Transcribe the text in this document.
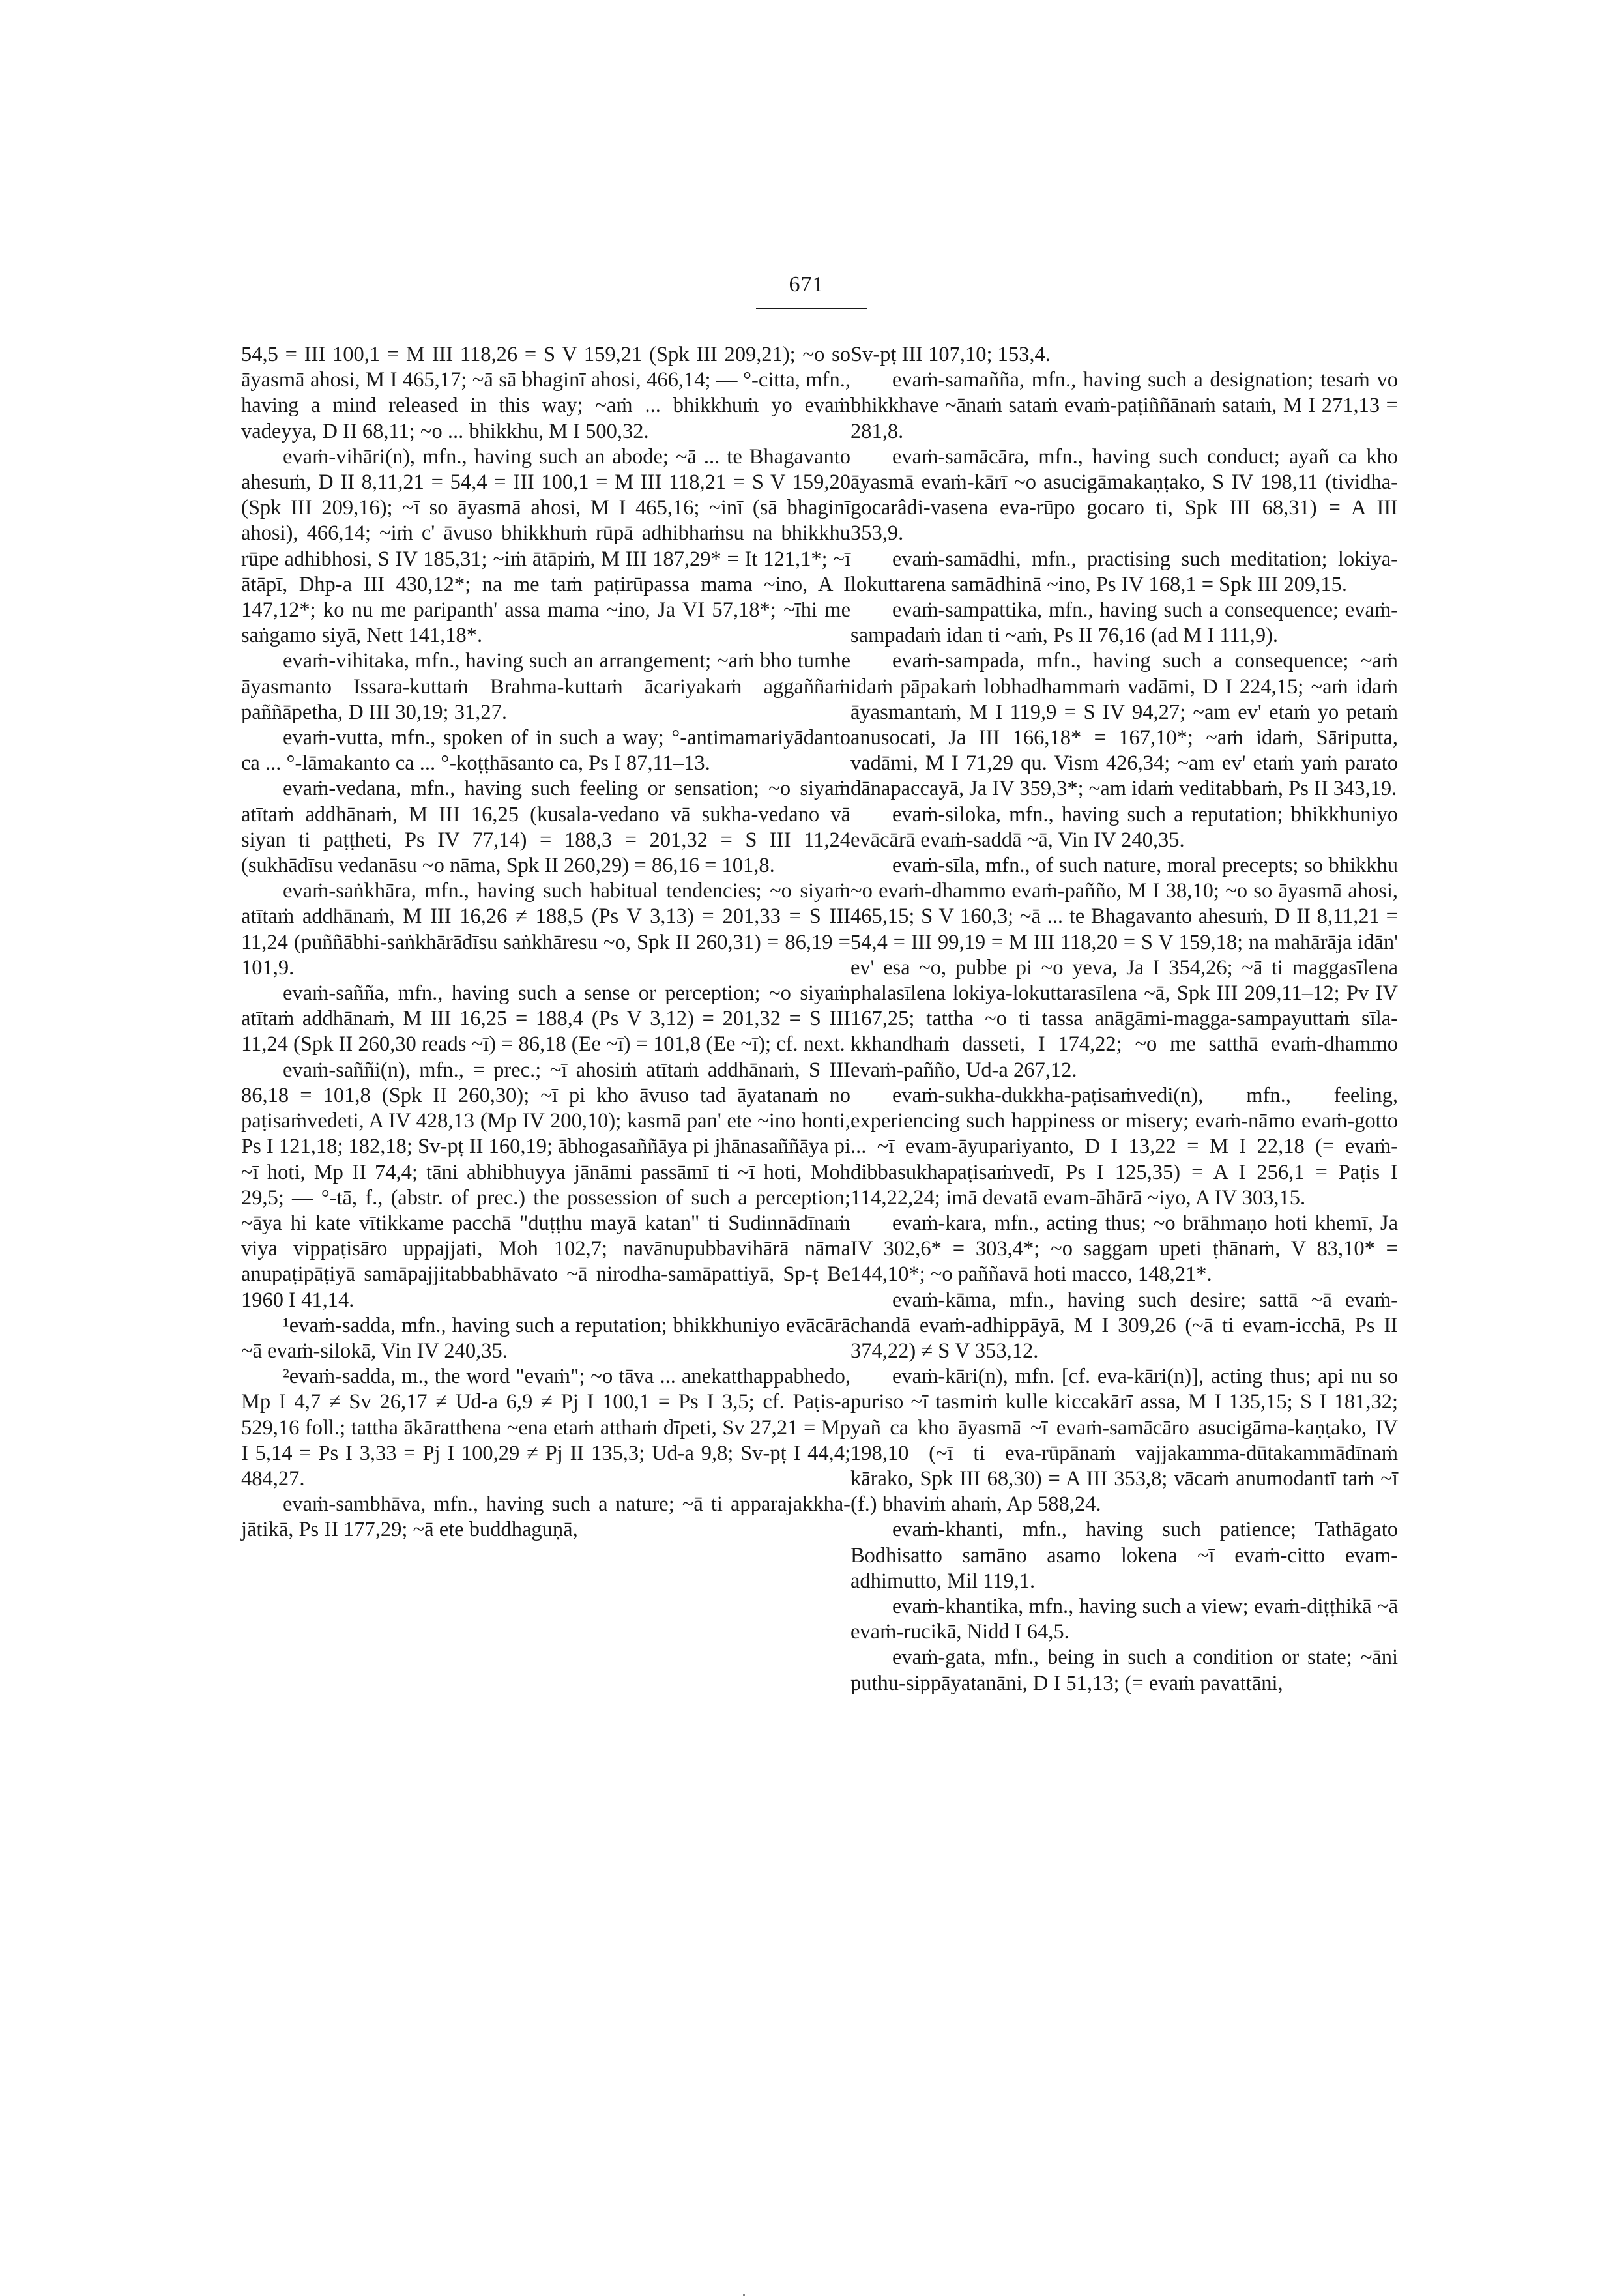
671

54,5 = III 100,1 = M III 118,26 = S V 159,21 (Spk III 209,21); ~o so āyasmā ahosi, M I 465,17; ~ā sā bhaginī ahosi, 466,14; — °-citta, mfn., having a mind released in this way; ~aṁ ... bhikkhuṁ yo evaṁ vadeyya, D II 68,11; ~o ... bhikkhu, M I 500,32.

evaṁ-vihāri(n), mfn., having such an abode; ~ā ... te Bhagavanto ahesuṁ, D II 8,11,21 = 54,4 = III 100,1 = M III 118,21 = S V 159,20 (Spk III 209,16); ~ī so āyasmā ahosi, M I 465,16; ~inī (sā bhaginī ahosi), 466,14; ~iṁ c' āvuso bhikkhuṁ rūpā adhibhaṁsu na bhikkhu rūpe adhibhosi, S IV 185,31; ~iṁ ātāpiṁ, M III 187,29* = It 121,1*; ~ī ātāpī, Dhp-a III 430,12*; na me taṁ paṭirūpassa mama ~ino, A I 147,12*; ko nu me paripanth' assa mama ~ino, Ja VI 57,18*; ~īhi me saṅgamo siyā, Nett 141,18*.

evaṁ-vihitaka, mfn., having such an arrangement; ~aṁ bho tumhe āyasmanto Issara-kuttaṁ Brahma-kuttaṁ ācariyakaṁ aggaññaṁ paññāpetha, D III 30,19; 31,27.

evaṁ-vutta, mfn., spoken of in such a way; °-antimamariyādanto ca ... °-lāmakanto ca ... °-koṭṭhāsanto ca, Ps I 87,11–13.

evaṁ-vedana, mfn., having such feeling or sensation; ~o siyaṁ atītaṁ addhānaṁ, M III 16,25 (kusala-vedano vā sukha-vedano vā siyan ti paṭṭheti, Ps IV 77,14) = 188,3 = 201,32 = S III 11,24 (sukhādīsu vedanāsu ~o nāma, Spk II 260,29) = 86,16 = 101,8.

evaṁ-saṅkhāra, mfn., having such habitual tendencies; ~o siyaṁ atītaṁ addhānaṁ, M III 16,26 ≠ 188,5 (Ps V 3,13) = 201,33 = S III 11,24 (puññābhi-saṅkhārādīsu saṅkhāresu ~o, Spk II 260,31) = 86,19 = 101,9.

evaṁ-sañña, mfn., having such a sense or perception; ~o siyaṁ atītaṁ addhānaṁ, M III 16,25 = 188,4 (Ps V 3,12) = 201,32 = S III 11,24 (Spk II 260,30 reads ~ī) = 86,18 (Ee ~ī) = 101,8 (Ee ~ī); cf. next.

evaṁ-saññi(n), mfn., = prec.; ~ī ahosiṁ atītaṁ addhānaṁ, S III 86,18 = 101,8 (Spk II 260,30); ~ī pi kho āvuso tad āyatanaṁ no paṭisaṁvedeti, A IV 428,13 (Mp IV 200,10); kasmā pan' ete ~ino honti, Ps I 121,18; 182,18; Sv-pṭ II 160,19; ābhogasaññāya pi jhānasaññāya pi ~ī hoti, Mp II 74,4; tāni abhibhuyya jānāmi passāmī ti ~ī hoti, Moh 29,5; — °-tā, f., (abstr. of prec.) the possession of such a perception; ~āya hi kate vītikkame pacchā "duṭṭhu mayā katan" ti Sudinnādīnaṁ viya vippaṭisāro uppajjati, Moh 102,7; navānupubbavihārā nāma anupaṭipāṭiyā samāpajjitabbabhāvato ~ā nirodha-samāpattiyā, Sp-ṭ Be 1960 I 41,14.

¹evaṁ-sadda, mfn., having such a reputation; bhikkhuniyo evācārā ~ā evaṁ-silokā, Vin IV 240,35.

²evaṁ-sadda, m., the word "evaṁ"; ~o tāva ... anekatthappabhedo, Mp I 4,7 ≠ Sv 26,17 ≠ Ud-a 6,9 ≠ Pj I 100,1 = Ps I 3,5; cf. Paṭis-a 529,16 foll.; tattha ākāratthena ~ena etaṁ atthaṁ dīpeti, Sv 27,21 = Mp I 5,14 = Ps I 3,33 = Pj I 100,29 ≠ Pj II 135,3; Ud-a 9,8; Sv-pṭ I 44,4; 484,27.

evaṁ-sambhāva, mfn., having such a nature; ~ā ti apparajakkha-jātikā, Ps II 177,29; ~ā ete buddhaguṇā,

Sv-pṭ III 107,10; 153,4.

evaṁ-samañña, mfn., having such a designation; tesaṁ vo bhikkhave ~ānaṁ sataṁ evaṁ-paṭiññānaṁ sataṁ, M I 271,13 = 281,8.

evaṁ-samācāra, mfn., having such conduct; ayañ ca kho āyasmā evaṁ-kārī ~o asucigāmakaṇṭako, S IV 198,11 (tividha-gocarâdi-vasena eva-rūpo gocaro ti, Spk III 68,31) = A III 353,9.

evaṁ-samādhi, mfn., practising such meditation; lokiya-lokuttarena samādhinā ~ino, Ps IV 168,1 = Spk III 209,15.

evaṁ-sampattika, mfn., having such a consequence; evaṁ-sampadaṁ idan ti ~aṁ, Ps II 76,16 (ad M I 111,9).

evaṁ-sampada, mfn., having such a consequence; ~aṁ idaṁ pāpakaṁ lobhadhammaṁ vadāmi, D I 224,15; ~aṁ idaṁ āyasmantaṁ, M I 119,9 = S IV 94,27; ~am ev' etaṁ yo petaṁ anusocati, Ja III 166,18* = 167,10*; ~aṁ idaṁ, Sāriputta, vadāmi, M I 71,29 qu. Vism 426,34; ~am ev' etaṁ yaṁ parato dānapaccayā, Ja IV 359,3*; ~am idaṁ veditabbaṁ, Ps II 343,19.

evaṁ-siloka, mfn., having such a reputation; bhikkhuniyo evācārā evaṁ-saddā ~ā, Vin IV 240,35.

evaṁ-sīla, mfn., of such nature, moral precepts; so bhikkhu ~o evaṁ-dhammo evaṁ-pañño, M I 38,10; ~o so āyasmā ahosi, 465,15; S V 160,3; ~ā ... te Bhagavanto ahesuṁ, D II 8,11,21 = 54,4 = III 99,19 = M III 118,20 = S V 159,18; na mahārāja idān' ev' esa ~o, pubbe pi ~o yeva, Ja I 354,26; ~ā ti maggasīlena phalasīlena lokiya-lokuttarasīlena ~ā, Spk III 209,11–12; Pv IV 167,25; tattha ~o ti tassa anāgāmi-magga-sampayuttaṁ sīla-kkhandhaṁ dasseti, I 174,22; ~o me satthā evaṁ-dhammo evaṁ-pañño, Ud-a 267,12.

evaṁ-sukha-dukkha-paṭisaṁvedi(n), mfn., feeling, experiencing such happiness or misery; evaṁ-nāmo evaṁ-gotto ... ~ī evam-āyupariyanto, D I 13,22 = M I 22,18 (= evaṁ-dibbasukhapaṭisaṁvedī, Ps I 125,35) = A I 256,1 = Paṭis I 114,22,24; imā devatā evam-āhārā ~iyo, A IV 303,15.

evaṁ-kara, mfn., acting thus; ~o brāhmaṇo hoti khemī, Ja IV 302,6* = 303,4*; ~o saggam upeti ṭhānaṁ, V 83,10* = 144,10*; ~o paññavā hoti macco, 148,21*.

evaṁ-kāma, mfn., having such desire; sattā ~ā evaṁ-chandā evaṁ-adhippāyā, M I 309,26 (~ā ti evam-icchā, Ps II 374,22) ≠ S V 353,12.

evaṁ-kāri(n), mfn. [cf. eva-kāri(n)], acting thus; api nu so puriso ~ī tasmiṁ kulle kiccakārī assa, M I 135,15; S I 181,32; yañ ca kho āyasmā ~ī evaṁ-samācāro asucigāma-kaṇṭako, IV 198,10 (~ī ti eva-rūpānaṁ vajjakamma-dūtakammādīnaṁ kārako, Spk III 68,30) = A III 353,8; vācaṁ anumodantī taṁ ~ī (f.) bhaviṁ ahaṁ, Ap 588,24.

evaṁ-khanti, mfn., having such patience; Tathāgato Bodhisatto samāno asamo lokena ~ī evaṁ-citto evam-adhimutto, Mil 119,1.

evaṁ-khantika, mfn., having such a view; evaṁ-diṭṭhikā ~ā evaṁ-rucikā, Nidd I 64,5.

evaṁ-gata, mfn., being in such a condition or state; ~āni puthu-sippāyatanāni, D I 51,13; (= evaṁ pavattāni,
